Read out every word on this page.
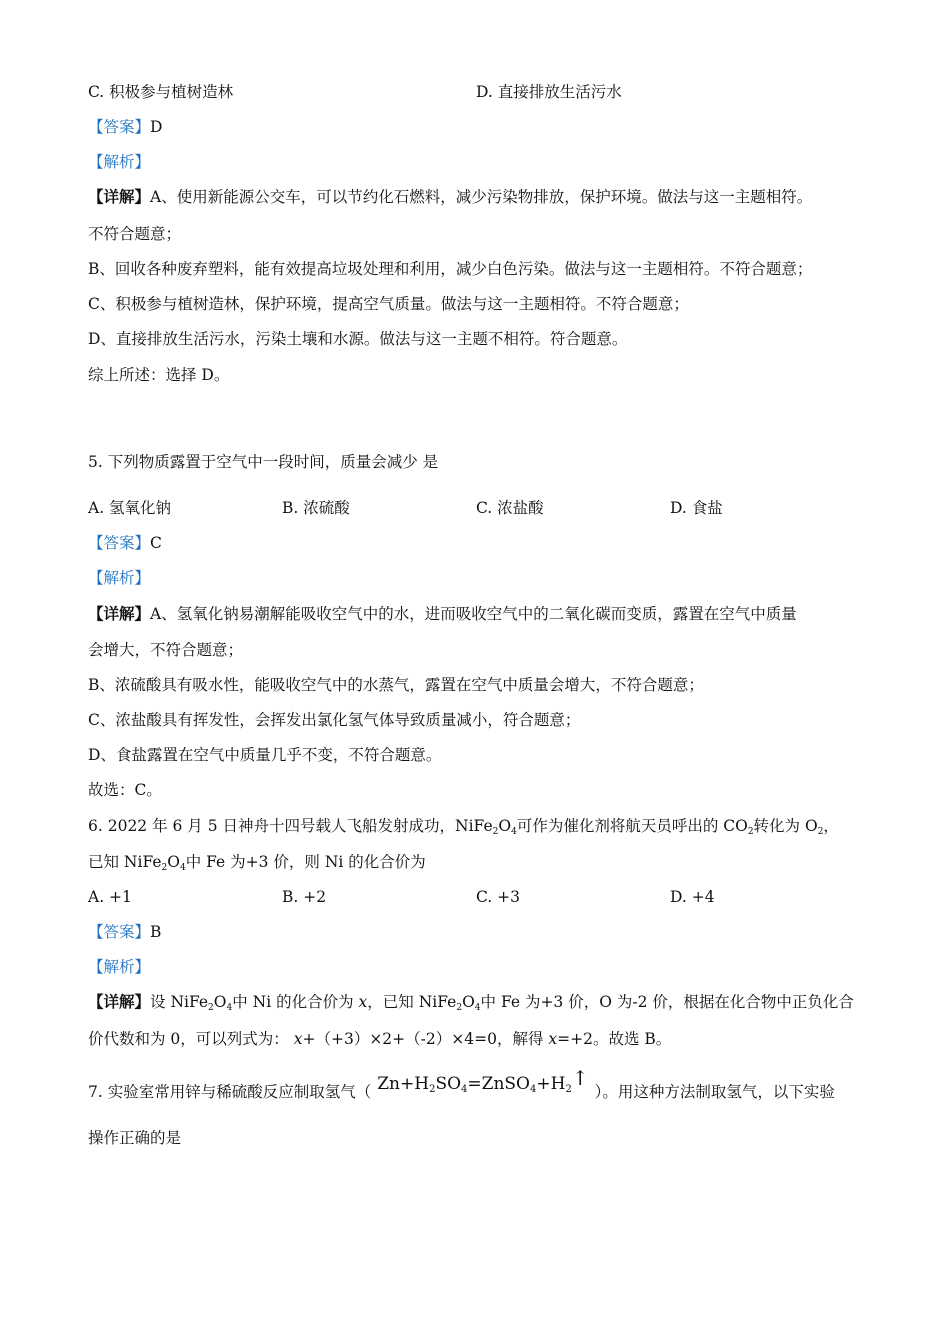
C. 积极参与植树造林	D. 直接排放生活污水
【答案】D
【解析】
【详解】A、使用新能源公交车，可以节约化石燃料，减少污染物排放，保护环境。做法与这一主题相符。
不符合题意；
B、回收各种废弃塑料，能有效提高垃圾处理和利用，减少白色污染。做法与这一主题相符。不符合题意；
C、积极参与植树造林，保护环境，提高空气质量。做法与这一主题相符。不符合题意；
D、直接排放生活污水，污染土壤和水源。做法与这一主题不相符。符合题意。
综上所述：选择 D。
5. 下列物质露置于空气中一段时间，质量会减少 是
A. 氢氧化钠	B. 浓硫酸	C. 浓盐酸	D. 食盐
【答案】C
【解析】
【详解】A、氢氧化钠易潮解能吸收空气中的水，进而吸收空气中的二氧化碳而变质，露置在空气中质量
会增大，不符合题意；
B、浓硫酸具有吸水性，能吸收空气中的水蒸气，露置在空气中质量会增大，不符合题意；
C、浓盐酸具有挥发性，会挥发出氯化氢气体导致质量减小，符合题意；
D、食盐露置在空气中质量几乎不变，不符合题意。
故选：C。
6. 2022 年 6 月 5 日神舟十四号载人飞船发射成功，$NiFe_2O_4$可作为催化剂将航天员呼出的 $CO_2$转化为 $O_2$，
已知 $NiFe_2O_4$中 Fe 为+3 价，则 Ni 的化合价为
A. +1	B. +2	C. +3	D. +4
【答案】B
【解析】
【详解】设 $NiFe_2O_4$中 Ni 的化合价为 x，已知 $NiFe_2O_4$中 Fe 为+3 价，O 为-2 价，根据在化合物中正负化合
价代数和为 0，可以列式为： x+（+3）×2+（-2）×4=0，解得 x=+2。故选 B。
7. 实验室常用锌与稀硫酸反应制取氢气（ $Zn+H_2SO_4=ZnSO_4+H_2↑$）。用这种方法制取氢气，以下实验
操作正确的是
